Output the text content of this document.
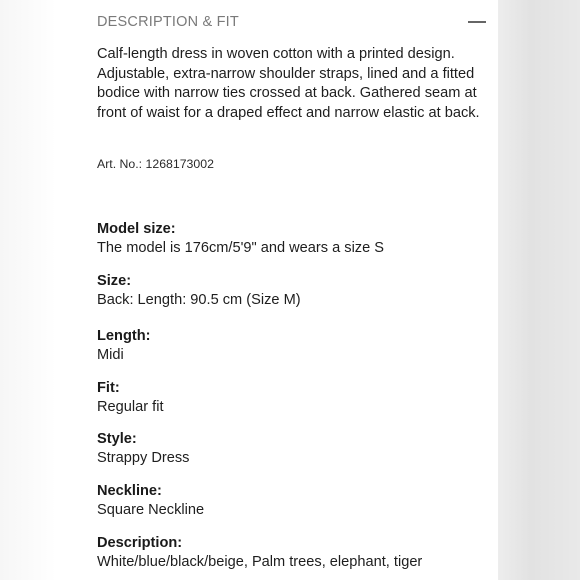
DESCRIPTION & FIT

Calf-length dress in woven cotton with a printed design. Adjustable, extra-narrow shoulder straps, lined and a fitted bodice with narrow ties crossed at back. Gathered seam at front of waist for a draped effect and narrow elastic at back.

Art. No.: 1268173002
Model size:
The model is 176cm/5'9" and wears a size S
Size:
Back: Length: 90.5 cm (Size M)
Length:
Midi
Fit:
Regular fit
Style:
Strappy Dress
Neckline:
Square Neckline
Description:
White/blue/black/beige, Palm trees, elephant, tiger
